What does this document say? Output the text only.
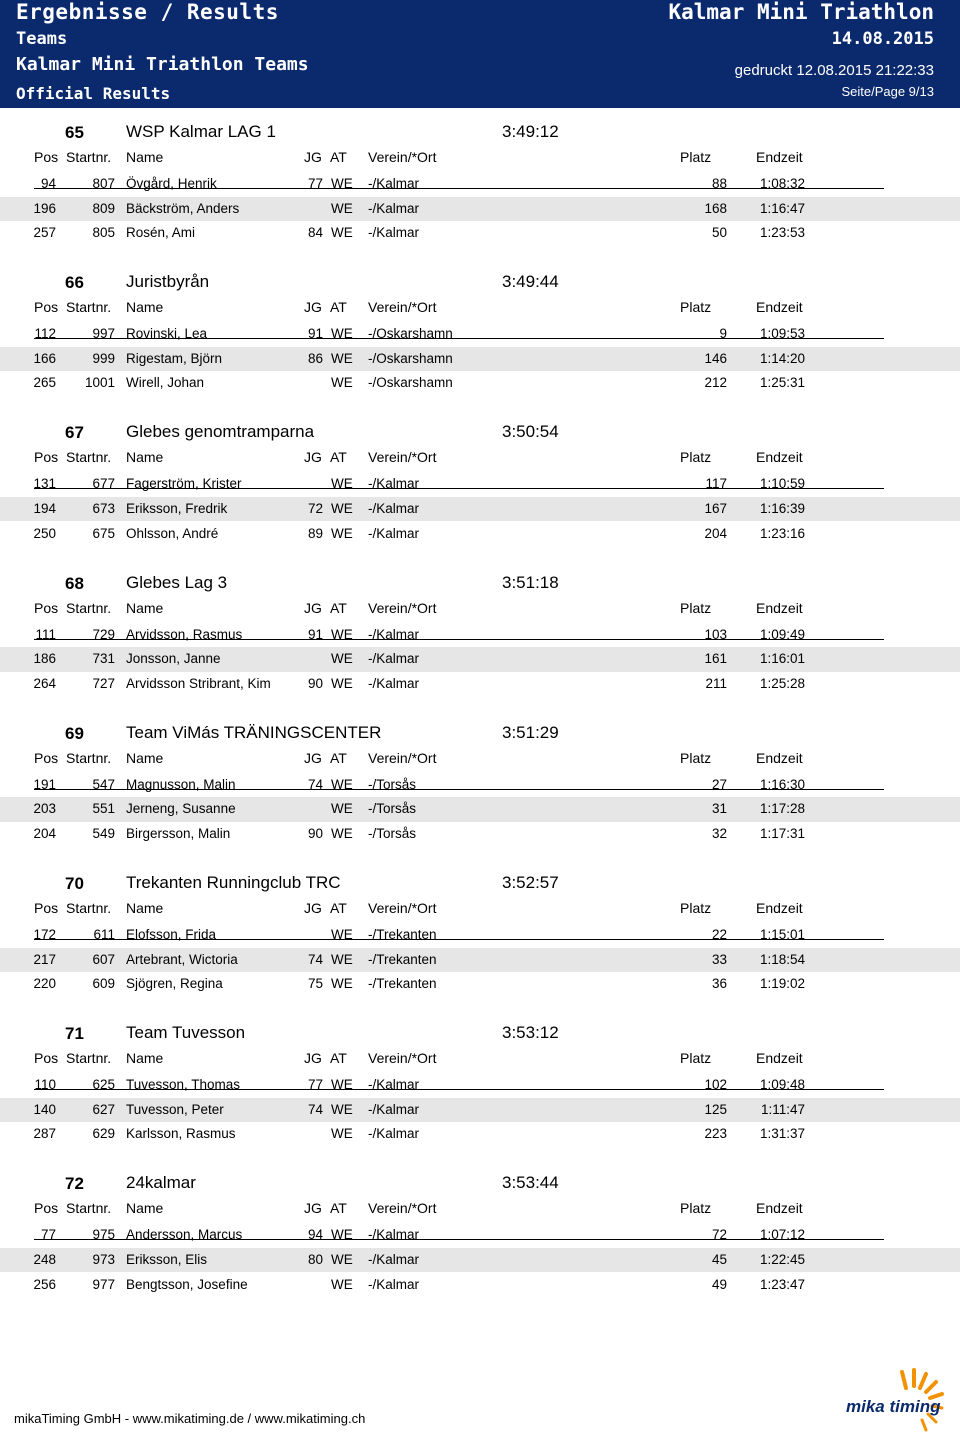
Ergebnisse / Results
Teams
Kalmar Mini Triathlon Teams
Official Results
Kalmar Mini Triathlon
14.08.2015
gedruckt 12.08.2015 21:22:33
Seite/Page 9/13
65 WSP Kalmar LAG 1	3:49:12
Pos Startnr. Name	JG AT Verein/*Ort	Platz	Endzeit
94	807 Övgård, Henrik	77 WE -/Kalmar	88	1:08:32
196	809 Bäckström, Anders	WE -/Kalmar	168	1:16:47
257	805 Rosén, Ami	84 WE -/Kalmar	50	1:23:53
66 Juristbyrån	3:49:44
Pos Startnr. Name	JG AT Verein/*Ort	Platz	Endzeit
112	997 Rovinski, Lea	91 WE -/Oskarshamn	9	1:09:53
166	999 Rigestam, Björn	86 WE -/Oskarshamn	146	1:14:20
265	1001 Wirell, Johan	WE -/Oskarshamn	212	1:25:31
67 Glebes genomtramparna	3:50:54
Pos Startnr. Name	JG AT Verein/*Ort	Platz	Endzeit
131	677 Fagerström, Krister	WE -/Kalmar	117	1:10:59
194	673 Eriksson, Fredrik	72 WE -/Kalmar	167	1:16:39
250	675 Ohlsson, André	89 WE -/Kalmar	204	1:23:16
68 Glebes Lag 3	3:51:18
Pos Startnr. Name	JG AT Verein/*Ort	Platz	Endzeit
111	729 Arvidsson, Rasmus	91 WE -/Kalmar	103	1:09:49
186	731 Jonsson, Janne	WE -/Kalmar	161	1:16:01
264	727 Arvidsson Stribrant, Kim	90 WE -/Kalmar	211	1:25:28
69 Team ViMás TRÄNINGSCENTER	3:51:29
Pos Startnr. Name	JG AT Verein/*Ort	Platz	Endzeit
191	547 Magnusson, Malin	74 WE -/Torsås	27	1:16:30
203	551 Jerneng, Susanne	WE -/Torsås	31	1:17:28
204	549 Birgersson, Malin	90 WE -/Torsås	32	1:17:31
70 Trekanten Runningclub TRC	3:52:57
Pos Startnr. Name	JG AT Verein/*Ort	Platz	Endzeit
172	611 Elofsson, Frida	WE -/Trekanten	22	1:15:01
217	607 Artebrant, Wictoria	74 WE -/Trekanten	33	1:18:54
220	609 Sjögren, Regina	75 WE -/Trekanten	36	1:19:02
71 Team Tuvesson	3:53:12
Pos Startnr. Name	JG AT Verein/*Ort	Platz	Endzeit
110	625 Tuvesson, Thomas	77 WE -/Kalmar	102	1:09:48
140	627 Tuvesson, Peter	74 WE -/Kalmar	125	1:11:47
287	629 Karlsson, Rasmus	WE -/Kalmar	223	1:31:37
72 24kalmar	3:53:44
Pos Startnr. Name	JG AT Verein/*Ort	Platz	Endzeit
77	975 Andersson, Marcus	94 WE -/Kalmar	72	1:07:12
248	973 Eriksson, Elis	80 WE -/Kalmar	45	1:22:45
256	977 Bengtsson, Josefine	WE -/Kalmar	49	1:23:47
mikaTiming GmbH - www.mikatiming.de / www.mikatiming.ch
mika timing
